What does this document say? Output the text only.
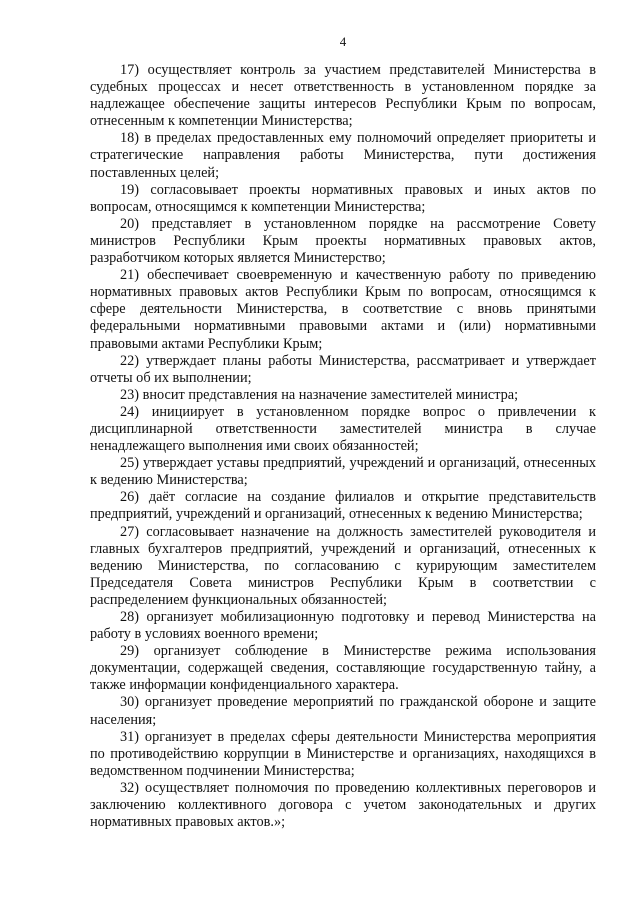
4

17) осуществляет контроль за участием представителей Министерства в судебных процессах и несет ответственность в установленном порядке за надлежащее обеспечение защиты интересов Республики Крым по вопросам, отнесенным к компетенции Министерства;

18) в пределах предоставленных ему полномочий определяет приоритеты и стратегические направления работы Министерства, пути достижения поставленных целей;

19) согласовывает проекты нормативных правовых и иных актов по вопросам, относящимся к компетенции Министерства;

20) представляет в установленном порядке на рассмотрение Совету министров Республики Крым проекты нормативных правовых актов, разработчиком которых является Министерство;

21) обеспечивает своевременную и качественную работу по приведению нормативных правовых актов Республики Крым по вопросам, относящимся к сфере деятельности Министерства, в соответствие с вновь принятыми федеральными нормативными правовыми актами и (или) нормативными правовыми актами Республики Крым;

22) утверждает планы работы Министерства, рассматривает и утверждает отчеты об их выполнении;

23) вносит представления на назначение заместителей министра;

24) инициирует в установленном порядке вопрос о привлечении к дисциплинарной ответственности заместителей министра в случае ненадлежащего выполнения ими своих обязанностей;

25) утверждает уставы предприятий, учреждений и организаций, отнесенных к ведению Министерства;

26) даёт согласие на создание филиалов и открытие представительств предприятий, учреждений и организаций, отнесенных к ведению Министерства;

27) согласовывает назначение на должность заместителей руководителя и главных бухгалтеров предприятий, учреждений и организаций, отнесенных к ведению Министерства, по согласованию с курирующим заместителем Председателя Совета министров Республики Крым в соответствии с распределением функциональных обязанностей;

28) организует мобилизационную подготовку и перевод Министерства на работу в условиях военного времени;

29) организует соблюдение в Министерстве режима использования документации, содержащей сведения, составляющие государственную тайну, а также информации конфиденциального характера.

30) организует проведение мероприятий по гражданской обороне и защите населения;

31) организует в пределах сферы деятельности Министерства мероприятия по противодействию коррупции в Министерстве и организациях, находящихся в ведомственном подчинении Министерства;

32) осуществляет полномочия по проведению коллективных переговоров и заключению коллективного договора с учетом законодательных и других нормативных правовых актов.»;
